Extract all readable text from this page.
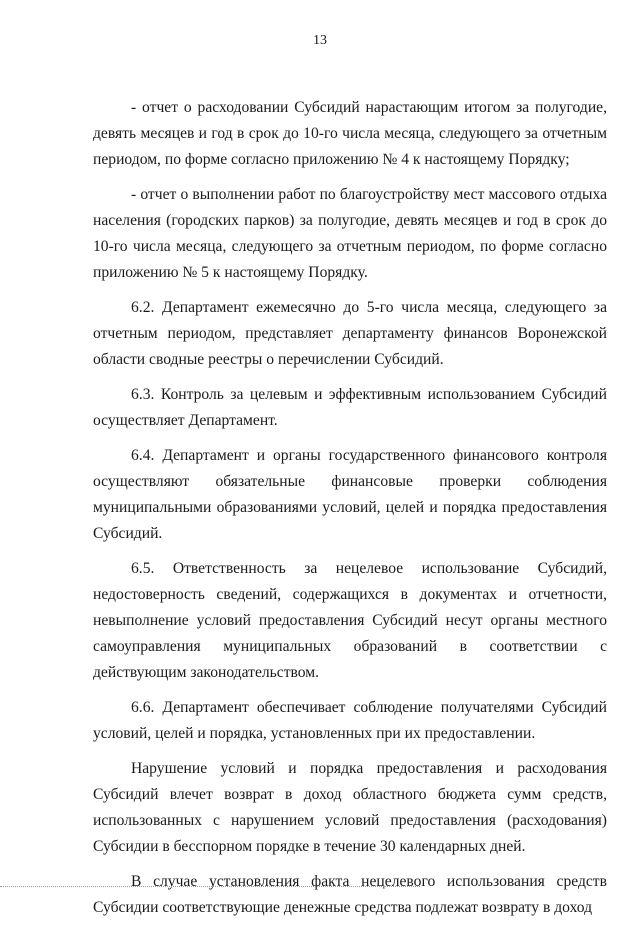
13

- отчет о расходовании Субсидий нарастающим итогом за полугодие, девять месяцев и год в срок до 10-го числа месяца, следующего за отчетным периодом, по форме согласно приложению № 4 к настоящему Порядку;

- отчет о выполнении работ по благоустройству мест массового отдыха населения (городских парков) за полугодие, девять месяцев и год в срок до 10-го числа месяца, следующего за отчетным периодом, по форме согласно приложению № 5 к настоящему Порядку.

6.2. Департамент ежемесячно до 5-го числа месяца, следующего за отчетным периодом, представляет департаменту финансов Воронежской области сводные реестры о перечислении Субсидий.

6.3. Контроль за целевым и эффективным использованием Субсидий осуществляет Департамент.

6.4. Департамент и органы государственного финансового контроля осуществляют обязательные финансовые проверки соблюдения муниципальными образованиями условий, целей и порядка предоставления Субсидий.

6.5. Ответственность за нецелевое использование Субсидий, недостоверность сведений, содержащихся в документах и отчетности, невыполнение условий предоставления Субсидий несут органы местного самоуправления муниципальных образований в соответствии с действующим законодательством.

6.6. Департамент обеспечивает соблюдение получателями Субсидий условий, целей и порядка, установленных при их предоставлении.

Нарушение условий и порядка предоставления и расходования Субсидий влечет возврат в доход областного бюджета сумм средств, использованных с нарушением условий предоставления (расходования) Субсидии в бесспорном порядке в течение 30 календарных дней.

В случае установления факта нецелевого использования средств Субсидии соответствующие денежные средства подлежат возврату в доход
